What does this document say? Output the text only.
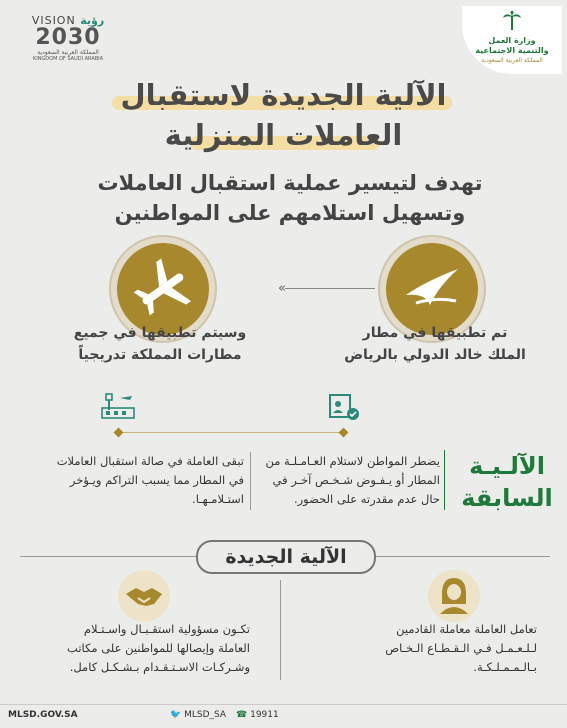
VISION رؤية
2030
المملكة العربية السعودية
KINGDOM OF SAUDI ARABIA
وزارة العمل
والتنمية الاجتماعية
المملكة العربية السعودية
الآلية الجديدة لاستقبال
العاملات المنزلية
تهدف لتيسير عملية استقبال العاملات
وتسهيل استلامهم على المواطنين
«
تم تطبيقها في مطار
الملك خالد الدولي بالرياض
وسيتم تطبيقها في جميع
مطارات المملكة تدريجياً
الآلـيـة
السابقة
يضطر المواطن لاستلام العـامـلـة من المطار أو يـفـوض شـخـص آخـر في حال عدم مقدرته على الحضور.
تبقى العاملة في صالة استقبال العاملات في المطار مما يسبب التراكم ويـؤخر استـلامـهـا.
الآلية الجديدة
تعامل العاملة معاملة القادمين لـلـعـمـل فـي الـقـطـاع الـخـاص بـالـمـمـلـكـة.
تكـون مسؤولية استقـبـال واسـتـلام العاملة وإيصالها للمواطنين على مكاتب وشـركـات الاسـتـقـدام بـشـكـل كامل.
MLSD.GOV.SA	🐦 MLSD_SA ☎ 19911
